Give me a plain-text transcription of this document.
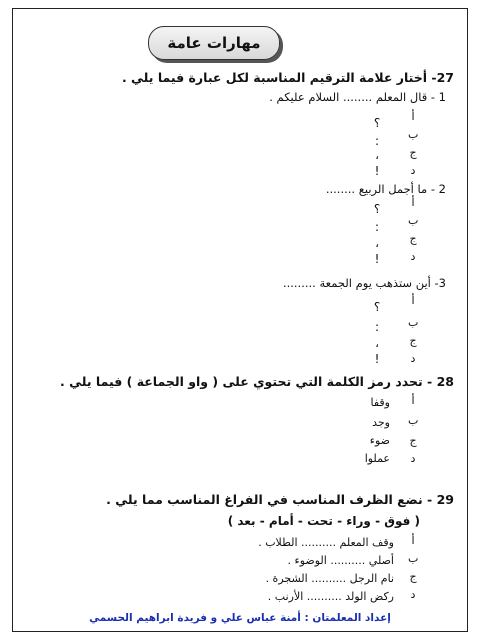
مهارات عامة
27- أختار علامة الترقيم المناسبة لكل عبارة فيما يلي .
1 - قال المعلم ........ السلام عليكم .
أ
؟
ب
:
ج
،
د
!
2 - ما أجمل الربيع ........
أ
؟
ب
:
ج
،
د
!
3- أين ستذهب يوم الجمعة .........
أ
؟
ب
:
ج
،
د
!
28 - تحدد رمز الكلمة التي تحتوي على ( واو الجماعة ) فيما يلي .
أ
وقفا
ب
وجد
ج
ضوء
د
عملوا
29 - نضع الظرف المناسب في الفراغ المناسب مما يلي .
( فوق - وراء - تحت - أمام - بعد )
أ
وقف المعلم .......... الطلاب .
ب
أصلي .......... الوضوء .
ج
نام الرجل .......... الشجرة .
د
ركض الولد .......... الأرنب .
إعداد المعلمتان : أمنة عباس علي و فريدة ابراهيم الحسمي
